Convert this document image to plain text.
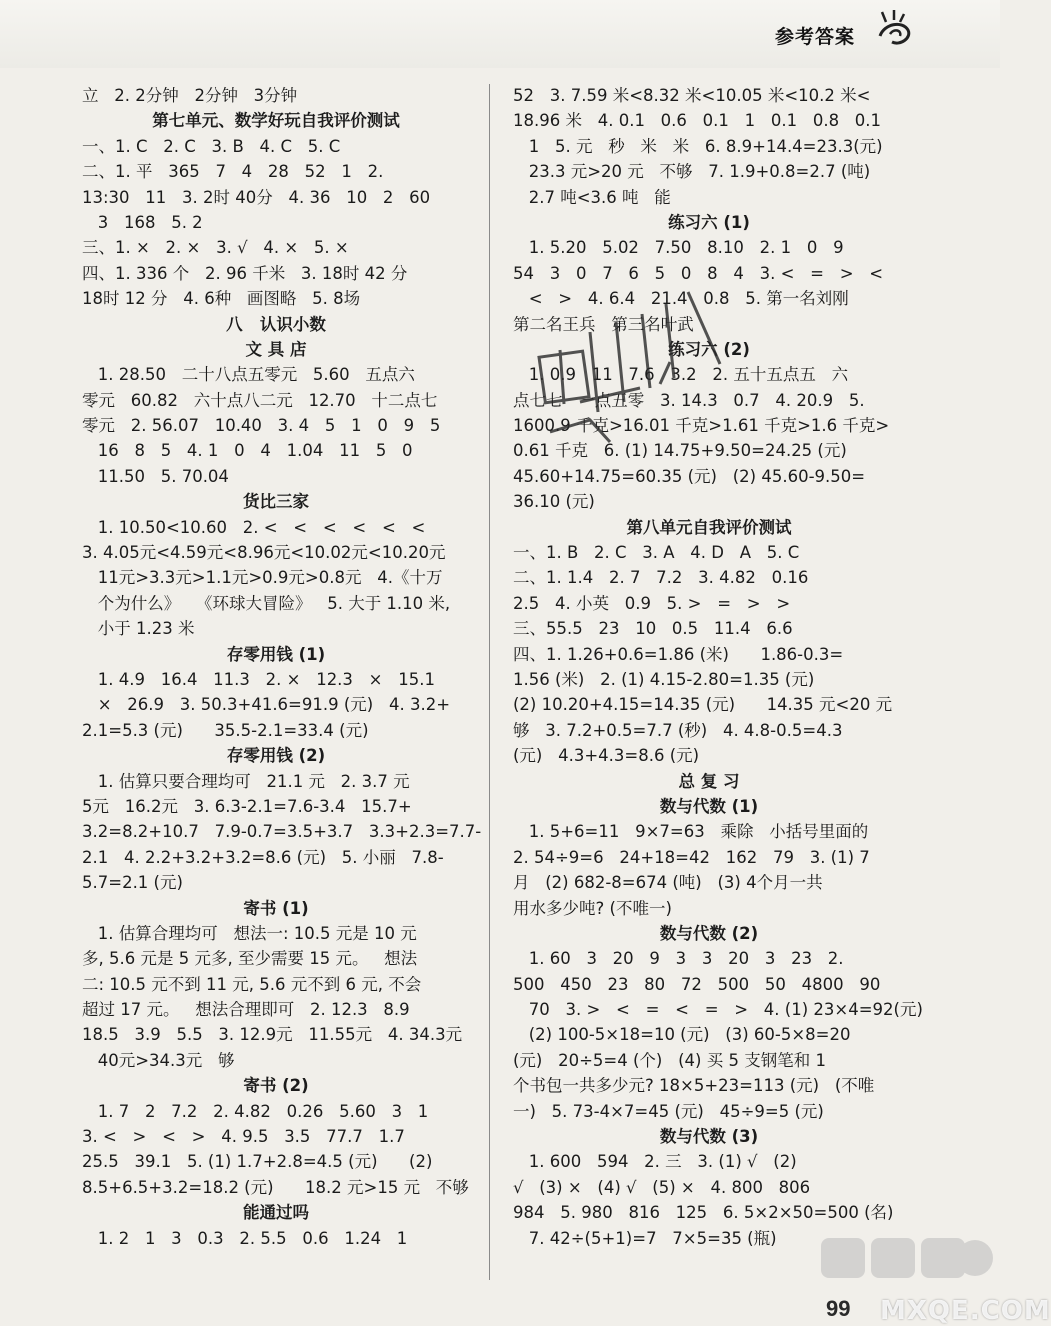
参考答案
立   2. 2分钟   2分钟   3分钟
第七单元、数学好玩自我评价测试
一、1. C   2. C   3. B   4. C   5. C
二、1. 平   365   7   4   28   52   1   2.
13:30   11   3. 2时 40分   4. 36   10   2   60
3   168   5. 2
三、1. ×   2. ×   3. √   4. ×   5. ×
四、1. 336 个   2. 96 千米   3. 18时 42 分
18时 12 分   4. 6种   画图略   5. 8场
八   认识小数
文 具 店
1. 28.50   二十八点五零元   5.60   五点六
零元   60.82   六十点八二元   12.70   十二点七
零元   2. 56.07   10.40   3. 4   5   1   0   9   5
16   8   5   4. 1   0   4   1.04   11   5   0
11.50   5. 70.04
货比三家
1. 10.50<10.60   2. <   <   <   <   <   <
3. 4.05元<4.59元<8.96元<10.02元<10.20元
11元>3.3元>1.1元>0.9元>0.8元   4.《十万
个为什么》   《环球大冒险》   5. 大于 1.10 米,
小于 1.23 米
存零用钱 (1)
1. 4.9   16.4   11.3   2. ×   12.3   ×   15.1
×   26.9   3. 50.3+41.6=91.9 (元)   4. 3.2+
2.1=5.3 (元)      35.5-2.1=33.4 (元)
存零用钱 (2)
1. 估算只要合理均可   21.1 元   2. 3.7 元
5元   16.2元   3. 6.3-2.1=7.6-3.4   15.7+
3.2=8.2+10.7   7.9-0.7=3.5+3.7   3.3+2.3=7.7-
2.1   4. 2.2+3.2+3.2=8.6 (元)   5. 小丽   7.8-
5.7=2.1 (元)
寄书 (1)
1. 估算合理均可   想法一: 10.5 元是 10 元
多, 5.6 元是 5 元多, 至少需要 15 元。   想法
二: 10.5 元不到 11 元, 5.6 元不到 6 元, 不会
超过 17 元。   想法合理即可   2. 12.3   8.9
18.5   3.9   5.5   3. 12.9元   11.55元   4. 34.3元
40元>34.3元   够
寄书 (2)
1. 7   2   7.2   2. 4.82   0.26   5.60   3   1
3. <   >   <   >   4. 9.5   3.5   77.7   1.7
25.5   39.1   5. (1) 1.7+2.8=4.5 (元)      (2)
8.5+6.5+3.2=18.2 (元)      18.2 元>15 元   不够
能通过吗
1. 2   1   3   0.3   2. 5.5   0.6   1.24   1
52   3. 7.59 米<8.32 米<10.05 米<10.2 米<
18.96 米   4. 0.1   0.6   0.1   1   0.1   0.8   0.1
1   5. 元   秒   米   米   6. 8.9+14.4=23.3(元)
23.3 元>20 元   不够   7. 1.9+0.8=2.7 (吨)
2.7 吨<3.6 吨   能
练习六 (1)
1. 5.20   5.02   7.50   8.10   2. 1   0   9
54   3   0   7   6   5   0   8   4   3. <   =   >   <
<   >   4. 6.4   21.4   0.8   5. 第一名刘刚
第二名王兵   第三名叶武
练习六 (2)
1. 0.9   11   7.6   3.2   2. 五十五点五   六
点七七   一点五零   3. 14.3   0.7   4. 20.9   5.
1600.9 千克>16.01 千克>1.61 千克>1.6 千克>
0.61 千克   6. (1) 14.75+9.50=24.25 (元)
45.60+14.75=60.35 (元)   (2) 45.60-9.50=
36.10 (元)
第八单元自我评价测试
一、1. B   2. C   3. A   4. D   A   5. C
二、1. 1.4   2. 7   7.2   3. 4.82   0.16
2.5   4. 小英   0.9   5. >   =   >   >
三、55.5   23   10   0.5   11.4   6.6
四、1. 1.26+0.6=1.86 (米)      1.86-0.3=
1.56 (米)   2. (1) 4.15-2.80=1.35 (元)
(2) 10.20+4.15=14.35 (元)      14.35 元<20 元
够   3. 7.2+0.5=7.7 (秒)   4. 4.8-0.5=4.3
(元)   4.3+4.3=8.6 (元)
总 复 习
数与代数 (1)
1. 5+6=11   9×7=63   乘除   小括号里面的
2. 54÷9=6   24+18=42   162   79   3. (1) 7
月   (2) 682-8=674 (吨)   (3) 4个月一共
用水多少吨? (不唯一)
数与代数 (2)
1. 60   3   20   9   3   3   20   3   23   2.
500   450   23   80   72   500   50   4800   90
70   3. >   <   =   <   =   >   4. (1) 23×4=92(元)
(2) 100-5×18=10 (元)   (3) 60-5×8=20
(元)   20÷5=4 (个)   (4) 买 5 支钢笔和 1
个书包一共多少元? 18×5+23=113 (元)   (不唯
一)   5. 73-4×7=45 (元)   45÷9=5 (元)
数与代数 (3)
1. 600   594   2. 三   3. (1) √   (2)
√   (3) ×   (4) √   (5) ×   4. 800   806
984   5. 980   816   125   6. 5×2×50=500 (名)
7. 42÷(5+1)=7   7×5=35 (瓶)
99 MXQE.COM
